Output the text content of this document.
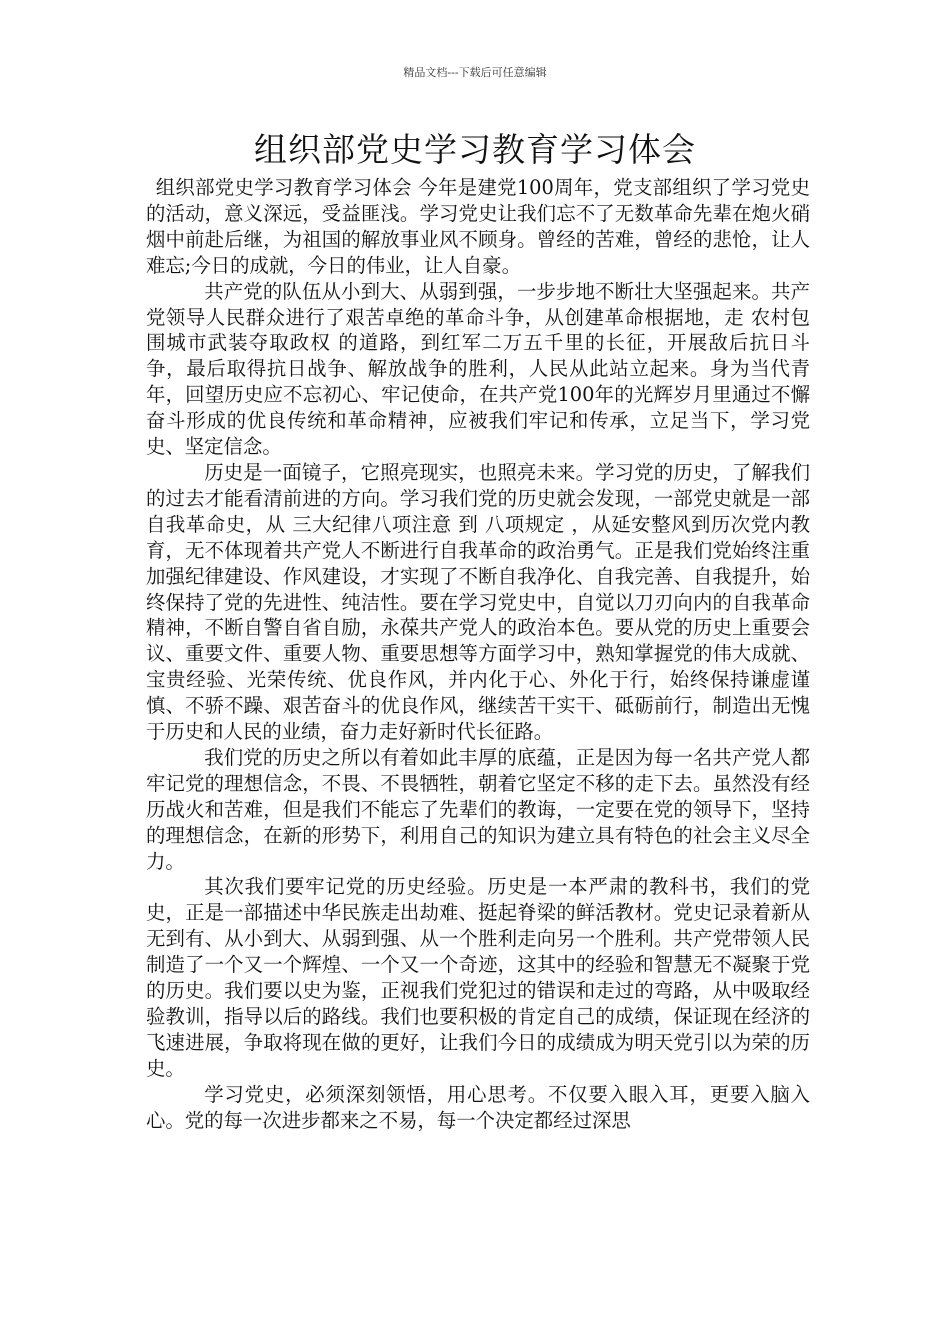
精品文档---下载后可任意编辑
组织部党史学习教育学习体会

组织部党史学习教育学习体会 今年是建党100周年，党支部组织了学习党史的活动，意义深远，受益匪浅。学习党史让我们忘不了无数革命先辈在炮火硝烟中前赴后继，为祖国的解放事业风不顾身。曾经的苦难，曾经的悲怆，让人难忘;今日的成就，今日的伟业，让人自豪。

共产党的队伍从小到大、从弱到强，一步步地不断壮大坚强起来。共产党领导人民群众进行了艰苦卓绝的革命斗争，从创建革命根据地，走 农村包围城市武装夺取政权 的道路，到红军二万五千里的长征，开展敌后抗日斗争，最后取得抗日战争、解放战争的胜利，人民从此站立起来。身为当代青年，回望历史应不忘初心、牢记使命，在共产党100年的光辉岁月里通过不懈奋斗形成的优良传统和革命精神，应被我们牢记和传承，立足当下，学习党史、坚定信念。

历史是一面镜子，它照亮现实，也照亮未来。学习党的历史，了解我们的过去才能看清前进的方向。学习我们党的历史就会发现，一部党史就是一部自我革命史，从 三大纪律八项注意 到 八项规定 ，从延安整风到历次党内教育，无不体现着共产党人不断进行自我革命的政治勇气。正是我们党始终注重加强纪律建设、作风建设，才实现了不断自我净化、自我完善、自我提升，始终保持了党的先进性、纯洁性。要在学习党史中，自觉以刀刃向内的自我革命精神，不断自警自省自励，永葆共产党人的政治本色。要从党的历史上重要会议、重要文件、重要人物、重要思想等方面学习中，熟知掌握党的伟大成就、宝贵经验、光荣传统、优良作风，并内化于心、外化于行，始终保持谦虚谨慎、不骄不躁、艰苦奋斗的优良作风，继续苦干实干、砥砺前行，制造出无愧于历史和人民的业绩，奋力走好新时代长征路。

我们党的历史之所以有着如此丰厚的底蕴，正是因为每一名共产党人都牢记党的理想信念，不畏、不畏牺牲，朝着它坚定不移的走下去。虽然没有经历战火和苦难，但是我们不能忘了先辈们的教诲，一定要在党的领导下，坚持的理想信念，在新的形势下，利用自己的知识为建立具有特色的社会主义尽全力。

其次我们要牢记党的历史经验。历史是一本严肃的教科书，我们的党史，正是一部描述中华民族走出劫难、挺起脊梁的鲜活教材。党史记录着新从无到有、从小到大、从弱到强、从一个胜利走向另一个胜利。共产党带领人民制造了一个又一个辉煌、一个又一个奇迹，这其中的经验和智慧无不凝聚于党的历史。我们要以史为鉴，正视我们党犯过的错误和走过的弯路，从中吸取经验教训，指导以后的路线。我们也要积极的肯定自己的成绩，保证现在经济的飞速进展，争取将现在做的更好，让我们今日的成绩成为明天党引以为荣的历史。

学习党史，必须深刻领悟，用心思考。不仅要入眼入耳，更要入脑入心。党的每一次进步都来之不易，每一个决定都经过深思
